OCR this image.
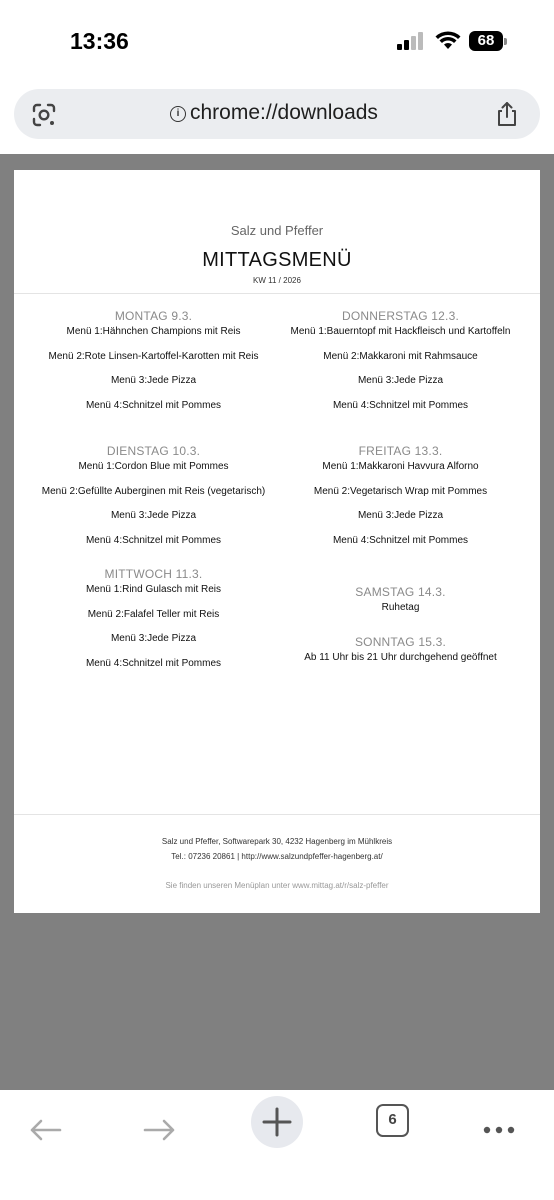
13:36	68
i chrome://downloads
Salz und Pfeffer
MITTAGSMENÜ
KW 11 / 2026
MONTAG 9.3.
Menü 1:Hähnchen Champions mit Reis
Menü 2:Rote Linsen-Kartoffel-Karotten mit Reis
Menü 3:Jede Pizza
Menü 4:Schnitzel mit Pommes
DIENSTAG 10.3.
Menü 1:Cordon Blue mit Pommes
Menü 2:Gefüllte Auberginen mit Reis (vegetarisch)
Menü 3:Jede Pizza
Menü 4:Schnitzel mit Pommes
MITTWOCH 11.3.
Menü 1:Rind Gulasch mit Reis
Menü 2:Falafel Teller mit Reis
Menü 3:Jede Pizza
Menü 4:Schnitzel mit Pommes
DONNERSTAG 12.3.
Menü 1:Bauerntopf mit Hackfleisch und Kartoffeln
Menü 2:Makkaroni mit Rahmsauce
Menü 3:Jede Pizza
Menü 4:Schnitzel mit Pommes
FREITAG 13.3.
Menü 1:Makkaroni Havvura Alforno
Menü 2:Vegetarisch Wrap mit Pommes
Menü 3:Jede Pizza
Menü 4:Schnitzel mit Pommes
SAMSTAG 14.3.
Ruhetag
SONNTAG 15.3.
Ab 11 Uhr bis 21 Uhr durchgehend geöffnet
Salz und Pfeffer, Softwarepark 30, 4232 Hagenberg im Mühlkreis
Tel.: 07236 20861 | http://www.salzundpfeffer-hagenberg.at/
Sie finden unseren Menüplan unter www.mittag.at/r/salz-pfeffer
6
